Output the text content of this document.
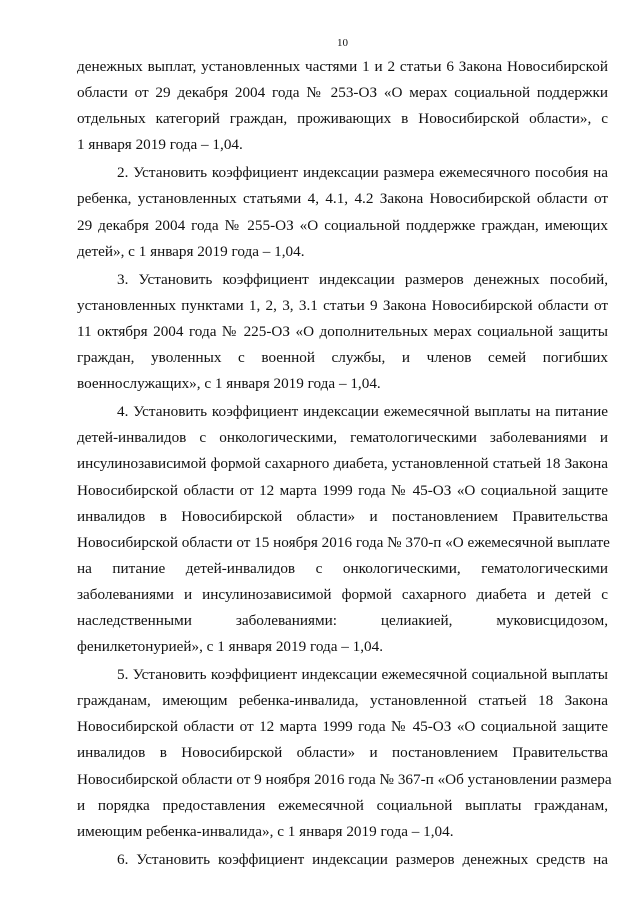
10
денежных выплат, установленных частями 1 и 2 статьи 6 Закона Новосибирской
области от 29 декабря 2004 года № 253-ОЗ «О мерах социальной поддержки
отдельных категорий граждан, проживающих в Новосибирской области», с
1 января 2019 года – 1,04.
2. Установить коэффициент индексации размера ежемесячного пособия на
ребенка, установленных статьями 4, 4.1, 4.2 Закона Новосибирской области от
29 декабря 2004 года № 255-ОЗ «О социальной поддержке граждан, имеющих
детей», с 1 января 2019 года – 1,04.
3. Установить коэффициент индексации размеров денежных пособий,
установленных пунктами 1, 2, 3, 3.1 статьи 9 Закона Новосибирской области от
11 октября 2004 года № 225-ОЗ «О дополнительных мерах социальной защиты
граждан, уволенных с военной службы, и членов семей погибших
военнослужащих», с 1 января 2019 года – 1,04.
4. Установить коэффициент индексации ежемесячной выплаты на питание
детей-инвалидов с онкологическими, гематологическими заболеваниями и
инсулинозависимой формой сахарного диабета, установленной статьей 18 Закона
Новосибирской области от 12 марта 1999 года № 45-ОЗ «О социальной защите
инвалидов в Новосибирской области» и постановлением Правительства
Новосибирской области от 15 ноября 2016 года № 370-п «О ежемесячной выплате
на питание детей-инвалидов с онкологическими, гематологическими
заболеваниями и инсулинозависимой формой сахарного диабета и детей с
наследственными заболеваниями: целиакией, муковисцидозом,
фенилкетонурией», с 1 января 2019 года – 1,04.
5. Установить коэффициент индексации ежемесячной социальной выплаты
гражданам, имеющим ребенка-инвалида, установленной статьей 18 Закона
Новосибирской области от 12 марта 1999 года № 45-ОЗ «О социальной защите
инвалидов в Новосибирской области» и постановлением Правительства
Новосибирской области от 9 ноября 2016 года № 367-п «Об установлении размера
и порядка предоставления ежемесячной социальной выплаты гражданам,
имеющим ребенка-инвалида», с 1 января 2019 года – 1,04.
6. Установить коэффициент индексации размеров денежных средств на
